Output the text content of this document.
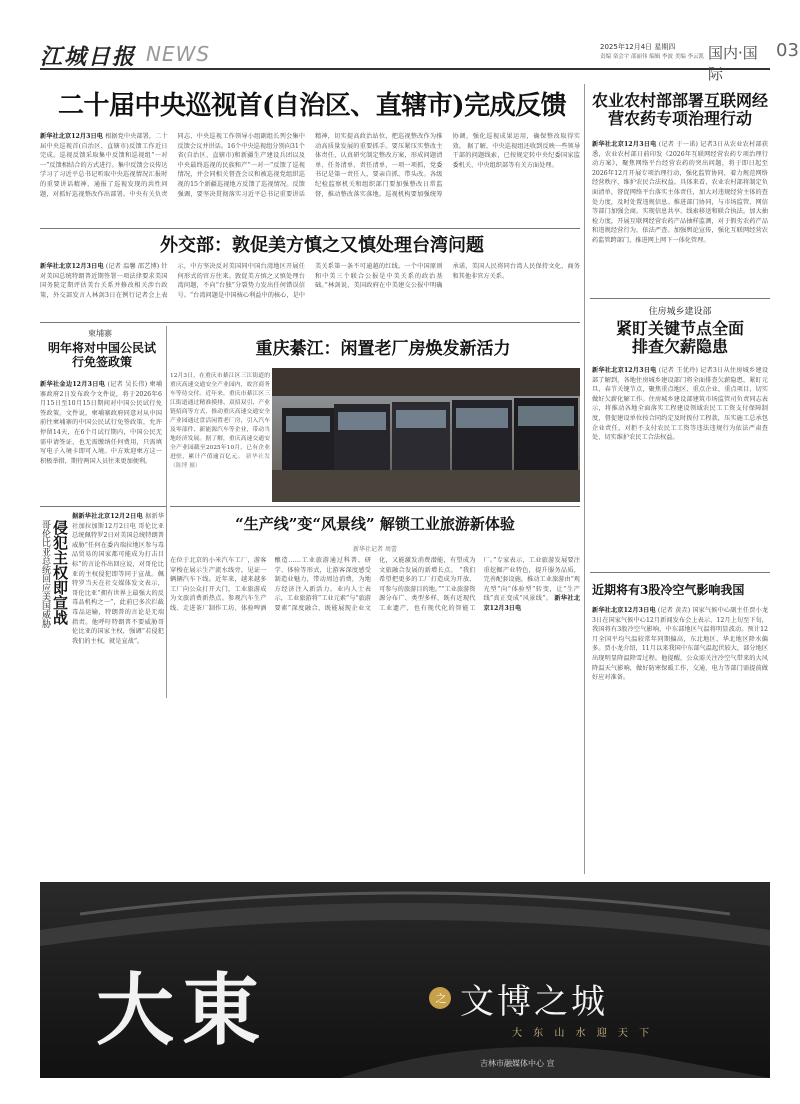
江城日报 NEWS	2025年12月4日 星期四
责编 栾会宇 邵丽伟 编辑 李波 美编 李云凯 国内·国际
03
二十届中央巡视首(自治区、直辖市)完成反馈
新华社北京12月3日电 根据党中央部署，二十届中央巡视首(自治区、直辖市)反馈工作近日完成。巡视反馈采取集中反馈和巡视组“一对一”反馈相结合的方式进行。集中反馈会议传达学习了习近平总书记听取中央巡视情况汇报时的重要讲话精神，通报了巡视发现的共性问题，对抓好巡视整改作出部署。中央有关负责同志、中央巡视工作领导小组副组长列会集中反馈会议并讲话。16个中央巡视组分别向31个省(自治区、直辖市)和新疆生产建设兵团以及中央最终巡视的民族和产“一对一”反馈了巡视情况，并会同相关督查会议和被巡视党组织巡视的15个新疆巡视地方反馈了巡视情况。反馈强调，要坚决贯彻落实习近平总书记重要讲话精神，切实提高政治站位，把巡视整改作为推动高质量发展的重要抓手。要压紧压实整改主体责任，认真研究制定整改方案，形成问题清单、任务清单、责任清单，一项一项抓，党委书记是第一责任人，要亲自抓、带头改。各级纪检监察机关和组织部门要加强整改日常监督，推动整改落实落地。巡视机构要加强统筹协调，强化巡视成果运用，确保整改取得实效。 据了解，中央巡视组还收到反映一些领导干部的问题线索，已按规定转中央纪委国家监委机关、中央组织部等有关方面处理。
农业农村部部署互联网经营农药专项治理行动
新华社北京12月3日电 (记者 于一诺) 记者3日从农业农村部获悉，农业农村部日前印发《2026年互联网经营农药专项治理行动方案》，聚焦网络平台经营农药的突出问题，将于即日起至2026年12月开展专项治理行动，强化监管协同，着力规范网络经营秩序，维护农民合法权益。具体来看，农业农村部将制定负面清单，督促网络平台落实主体责任，加大对违规经营主体的查处力度，及时处置违规信息。推进部门协同，与市场监管、网信等部门加强会商，实现信息共享、线索移送和联合执法。加大抽检力度，开展互联网经营农药产品抽样监测，对于假劣农药产品和违规经营行为，依法严查。加强舆论宣传，强化互联网经营农药监管跨部门，推进网上网下一体化管理。
外交部：敦促美方慎之又慎处理台湾问题
新华社北京12月3日电 (记者 温馨 邵艺博) 针对美国总统特朗普近期签署一项法律要求美国国务院定期评估美台关系并修改相关涉台政策，外交部发言人林剑3日在例行记者会上表示，中方坚决反对美国同中国台湾地区开展任何形式的官方往来。敦促美方慎之又慎处理台湾问题，不向“台独”分裂势力发出任何错误信号。“台湾问题是中国核心利益中的核心，是中美关系第一条不可逾越的红线。一个中国原则和中美三个联合公报是中美关系的政治基础。”林剑说，美国政府在中美建交公报中明确承诺，美国人民将同台湾人民保持文化、商务和其他非官方关系。
柬埔寨
明年将对中国公民试行免签政策
新华社金边12月3日电 (记者 吴长伟) 柬埔寨政府2日发布政令文件说，将于2026年6月15日至10月15日期间对中国公民试行免签政策。文件说，柬埔寨政府同意对从中国前往柬埔寨的中国公民试行免签政策，允许停留14天，在6个月试行期内，中国公民无需申请签证，也无需缴纳任何费用，只需填写电子入境卡即可入境。中方欢迎柬方这一积极举措，期待两国人员往来更加便利。
重庆綦江：闲置老厂房焕发新活力
12月3日，在重庆市綦江区三江街道的重庆高速交通安全产业园内，故宫商务车等待交付。近年来，重庆市綦江区三江街道通过精准摸排、双招双引、产业链招商等方式，推动重庆高速交通安全产业园通过盘活闲置老厂房，引入汽车及零部件、新能源汽车等企业，带动当地经济发展。据了解，重庆高速交通安全产业园截至2025年10月，已有企业进驻，累计产值逾百亿元。 新华社发（陈博 摄）
侵犯主权即宣战
哥伦比亚总统回应美国威胁
据新华社北京12月2日电 据新华社加拉加斯12月2日电 哥伦比亚总统佩特罗2日对美国总统特朗普威胁“任何在委内瑞拉地区参与毒品贸易的国家都可能成为打击目标”的言论作出回应说，对哥伦比亚的主权侵犯即等同于宣战。佩特罗当天在社交媒体发文表示，哥伦比亚“拥有世界上最强大的反毒品机构之一”，此前已多次拦截毒品运输，特朗普的言论是无端指责。他呼吁特朗普不要威胁哥伦比亚的国家主权，强调“若侵犯我们的主权，就是宣战”。
“生产线”变“风景线” 解锁工业旅游新体验
新华社记者 周蕾
在位于北京的小米汽车工厂，游客穿梭在展示生产流水线旁，见证一辆辆汽车下线。近年来，越来越多工厂向公众打开大门，工业旅游成为文旅消费新热点。参观汽车生产线、走进茶厂制作工坊、体验啤酒酿造……工业旅游通过科普、研学、体验等形式，让游客深度感受制造业魅力，带动周边消费，为地方经济注入新活力。业内人士表示，工业旅游将“工业元素”与“旅游要素”深度融合，既能展现企业文化，又能激发消费潜能，有望成为文旅融合发展的新增长点。 “我们希望把更多的工厂打造成为开放、可参与的旅游目的地。”“工业旅游资源分布广、类型多样，既有近现代工业遗产，也有现代化的智能工厂。”专家表示，工业旅游发展要注重挖掘产业特色，提升服务品质，完善配套设施，推动工业旅游由“观光型”向“体验型”转变，让“生产线”真正变成“风景线”。 新华社北京12月3日电
住房城乡建设部
紧盯关键节点全面排查欠薪隐患
新华社北京12月3日电 (记者 王优玲) 记者3日从住房城乡建设部了解到，各地住房城乡建设部门将全面排查欠薪隐患，紧盯元旦、春节关键节点，聚焦重点地区、重点企业、重点项目，切实做好欠薪化解工作。住房城乡建设部建筑市场监管司负责同志表示，将推动各地全面落实工程建设领域农民工工资支付保障制度，督促建设单位按合同约定及时拨付工程款，压实施工总承包企业责任，对拒不支付农民工工资等违法违规行为依法严肃查处，切实维护农民工合法权益。
近期将有3股冷空气影响我国
新华社北京12月3日电 (记者 黄垚) 国家气候中心副主任贾小龙3日在国家气候中心12月新闻发布会上表示，12月上旬至下旬，我国将有3股冷空气影响，中东部地区气温将明显波动。预计12月全国平均气温较常年同期偏高，东北地区、华北地区降水偏多。贾小龙介绍，11月以来我国中东部气温起伏较大，部分地区出现明显降温降雪过程。他提醒，公众需关注冷空气带来的大风降温天气影响，做好防寒保暖工作，交通、电力等部门需提前做好应对准备。
大東	之 文博之城
大 东 山 水 迎 天 下
吉林市融媒体中心 宣
